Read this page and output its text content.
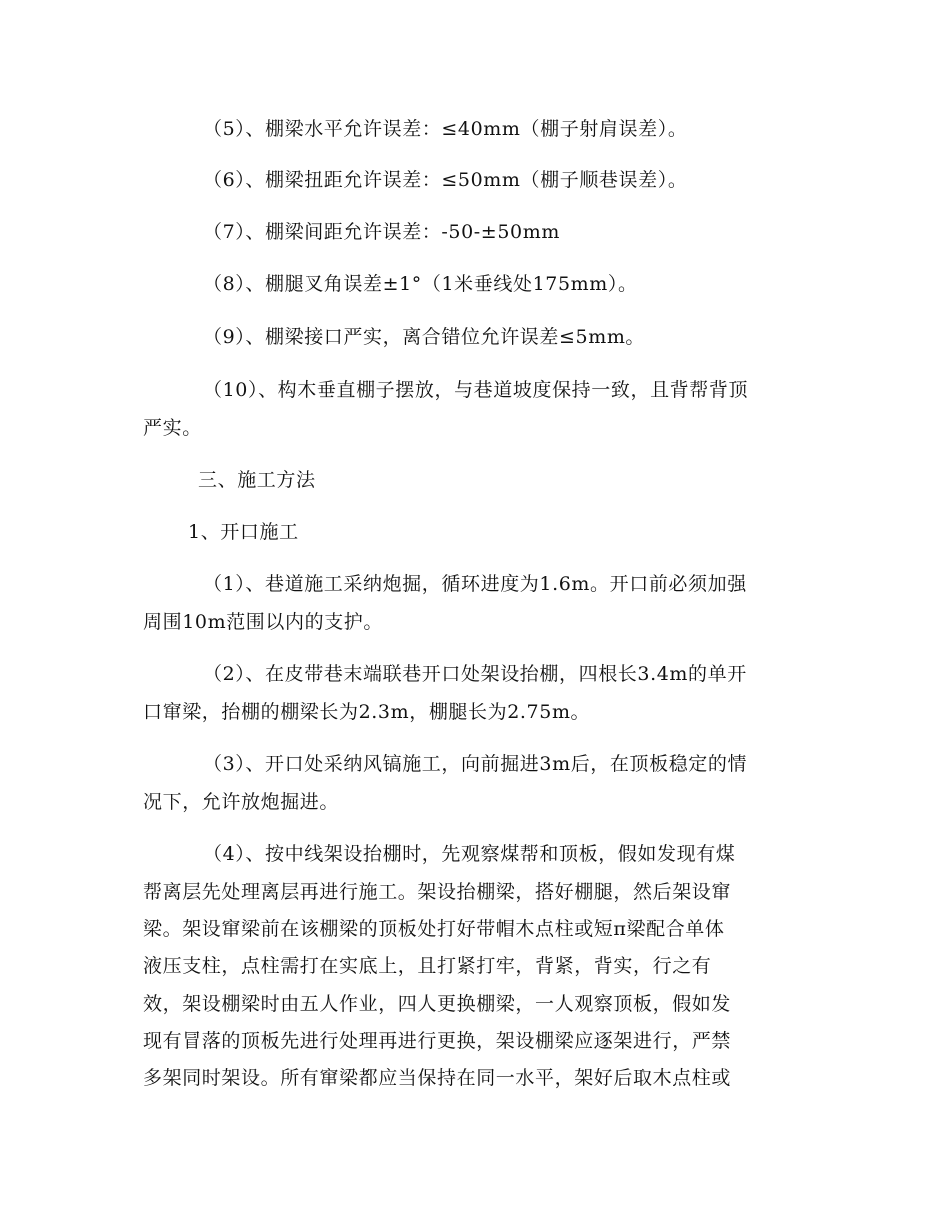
（5）、棚梁水平允许误差：≤40mm（棚子射肩误差）。
（6）、棚梁扭距允许误差：≤50mm（棚子顺巷误差）。
（7）、棚梁间距允许误差：-50-±50mm
（8）、棚腿叉角误差±1°（1米垂线处175mm）。
（9）、棚梁接口严实，离合错位允许误差≤5mm。
（10）、构木垂直棚子摆放，与巷道坡度保持一致，且背帮背顶
严实。
三、施工方法
1、开口施工
（1）、巷道施工采纳炮掘，循环进度为1.6m。开口前必须加强
周围10m范围以内的支护。
（2）、在皮带巷末端联巷开口处架设抬棚，四根长3.4m的单开
口窜梁，抬棚的棚梁长为2.3m，棚腿长为2.75m。
（3）、开口处采纳风镐施工，向前掘进3m后，在顶板稳定的情
况下，允许放炮掘进。
（4）、按中线架设抬棚时，先观察煤帮和顶板，假如发现有煤
帮离层先处理离层再进行施工。架设抬棚梁，搭好棚腿，然后架设窜
梁。架设窜梁前在该棚梁的顶板处打好带帽木点柱或短π梁配合单体
液压支柱，点柱需打在实底上，且打紧打牢，背紧，背实，行之有
效，架设棚梁时由五人作业，四人更换棚梁，一人观察顶板，假如发
现有冒落的顶板先进行处理再进行更换，架设棚梁应逐架进行，严禁
多架同时架设。所有窜梁都应当保持在同一水平，架好后取木点柱或
